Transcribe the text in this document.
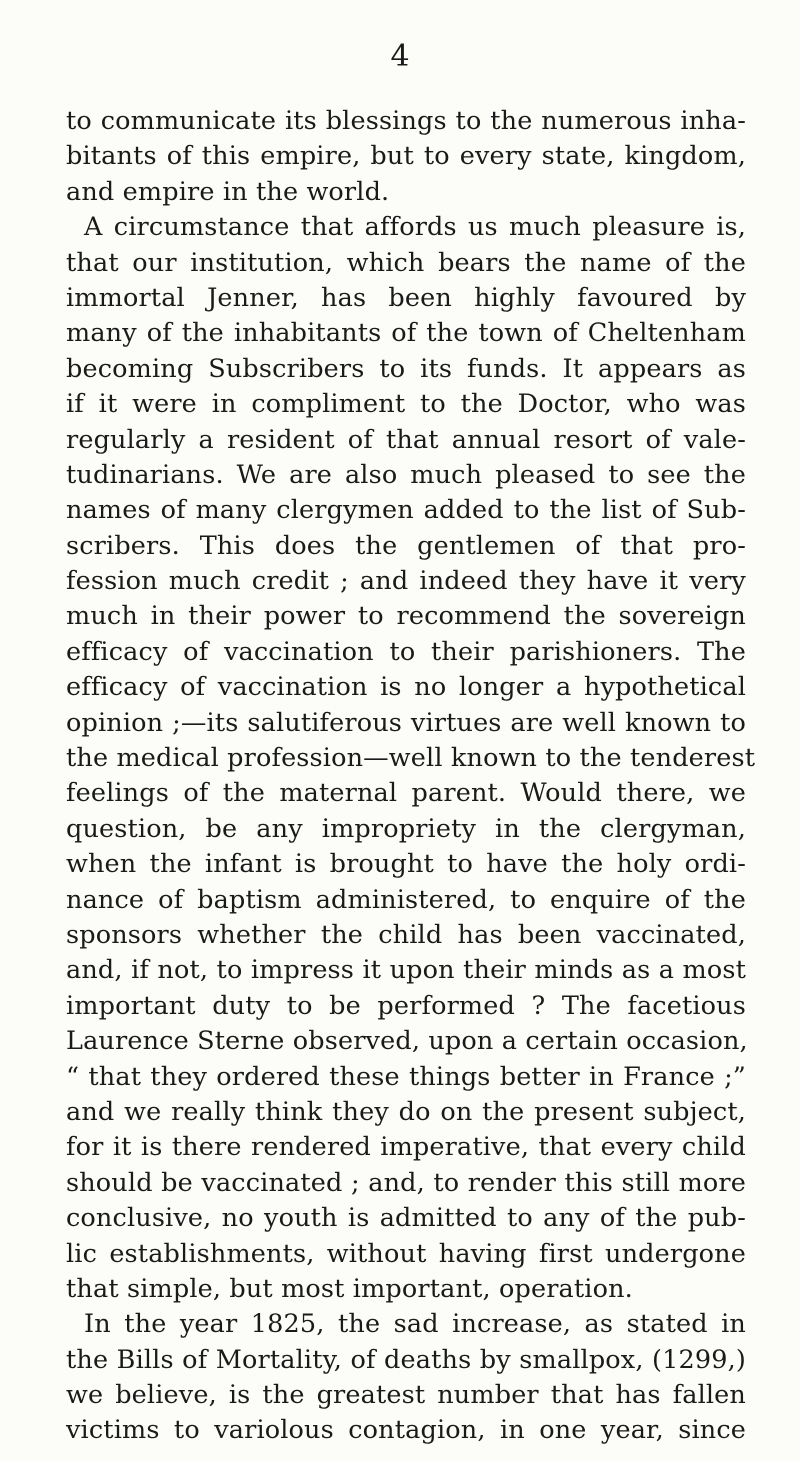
4
to communicate its blessings to the numerous inha-
bitants of this empire, but to every state, kingdom,
and empire in the world.
A circumstance that affords us much pleasure is,
that our institution, which bears the name of the
immortal Jenner, has been highly favoured by
many of the inhabitants of the town of Cheltenham
becoming Subscribers to its funds. It appears as
if it were in compliment to the Doctor, who was
regularly a resident of that annual resort of vale-
tudinarians. We are also much pleased to see the
names of many clergymen added to the list of Sub-
scribers. This does the gentlemen of that pro-
fession much credit ; and indeed they have it very
much in their power to recommend the sovereign
efficacy of vaccination to their parishioners. The
efficacy of vaccination is no longer a hypothetical
opinion ;—its salutiferous virtues are well known to
the medical profession—well known to the tenderest
feelings of the maternal parent. Would there, we
question, be any impropriety in the clergyman,
when the infant is brought to have the holy ordi-
nance of baptism administered, to enquire of the
sponsors whether the child has been vaccinated,
and, if not, to impress it upon their minds as a most
important duty to be performed ? The facetious
Laurence Sterne observed, upon a certain occasion,
“ that they ordered these things better in France ;”
and we really think they do on the present subject,
for it is there rendered imperative, that every child
should be vaccinated ; and, to render this still more
conclusive, no youth is admitted to any of the pub-
lic establishments, without having first undergone
that simple, but most important, operation.
In the year 1825, the sad increase, as stated in
the Bills of Mortality, of deaths by smallpox, (1299,)
we believe, is the greatest number that has fallen
victims to variolous contagion, in one year, since
